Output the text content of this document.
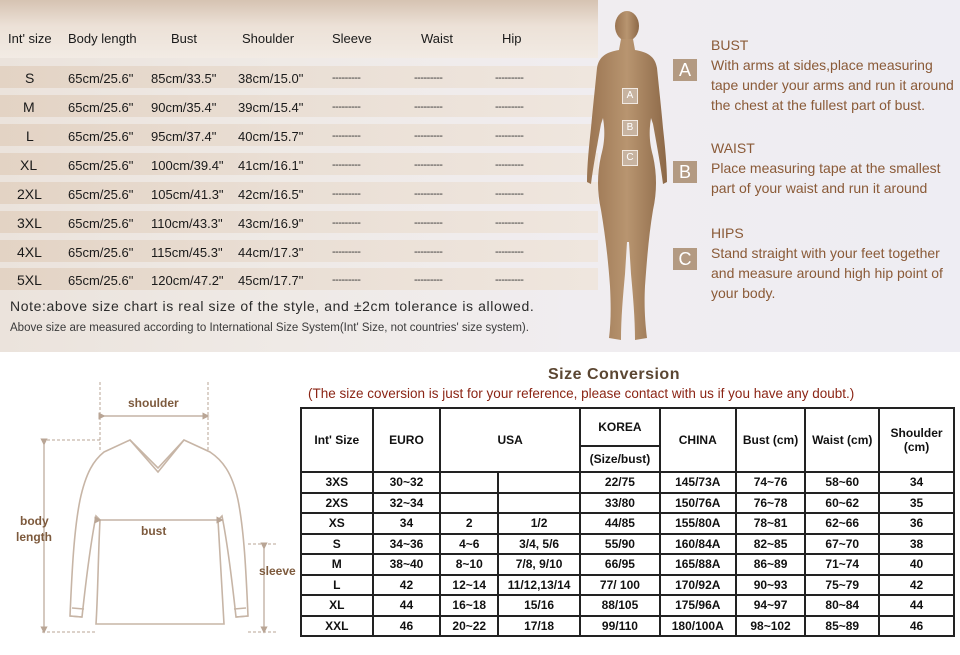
Int' size Body length	Bust	Shoulder	Sleeve	Waist	Hip
S	65cm/25.6" 85cm/33.5" 38cm/15.0"	---------	---------	---------
M	65cm/25.6" 90cm/35.4" 39cm/15.4"	---------	---------	---------
L	65cm/25.6" 95cm/37.4" 40cm/15.7"	---------	---------	---------
XL 65cm/25.6" 100cm/39.4" 41cm/16.1"	---------	---------	---------
2XL 65cm/25.6" 105cm/41.3" 42cm/16.5"	---------	---------	---------
3XL 65cm/25.6" 110cm/43.3" 43cm/16.9"	---------	---------	---------
4XL 65cm/25.6" 115cm/45.3" 44cm/17.3"	---------	---------	---------
5XL 65cm/25.6" 120cm/47.2" 45cm/17.7"	---------	---------	---------
Note:above size chart is real size of the style, and ±2cm tolerance is allowed.
Above size are measured according to International Size System(Int' Size, not countries' size system).
A
B
C
A
BUST
With arms at sides,place measuring tape under your arms and run it around the chest at the fullest part of bust.
B
WAIST
Place measuring tape at the smallest part of your waist and run it around
C
HIPS
Stand straight with your feet together and measure around high hip point of your body.
shoulder
body
length	bust
sleeve
Size Conversion
(The size coversion is just for your reference, please contact with us if you have any doubt.)
Int' Size	EURO	USA		KOREA	CHINA	Bust (cm)	Waist (cm)	Shoulder
(cm)

				(Size/bust)				
3XS	30~32			22/75	145/73A	74~76	58~60	34
2XS	32~34			33/80	150/76A	76~78	60~62	35
XS	34	2	1/2	44/85	155/80A	78~81	62~66	36
S	34~36	4~6	3/4, 5/6	55/90	160/84A	82~85	67~70	38
M	38~40	8~10	7/8, 9/10	66/95	165/88A	86~89	71~74	40
L	42	12~14	11/12,13/14	77/ 100	170/92A	90~93	75~79	42
XL	44	16~18	15/16	88/105	175/96A	94~97	80~84	44
XXL	46	20~22	17/18	99/110	180/100A	98~102	85~89	46
